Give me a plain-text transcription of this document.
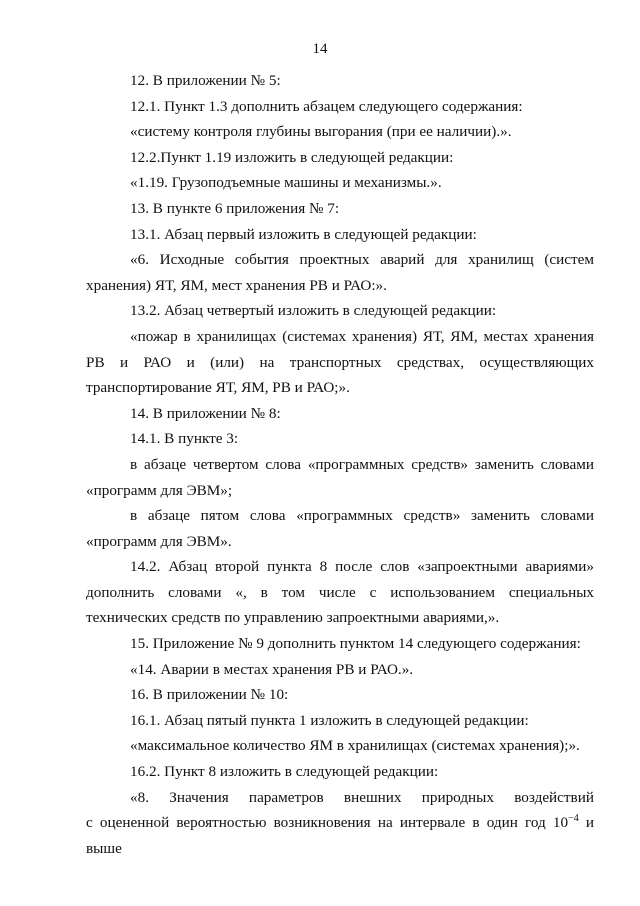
14

12. В приложении № 5:

12.1. Пункт 1.3 дополнить абзацем следующего содержания:

«систему контроля глубины выгорания (при ее наличии).».

12.2.Пункт 1.19 изложить в следующей редакции:

«1.19. Грузоподъемные машины и механизмы.».

13. В пункте 6 приложения № 7:

13.1. Абзац первый изложить в следующей редакции:

«6. Исходные события проектных аварий для хранилищ (систем хранения) ЯТ, ЯМ, мест хранения РВ и РАО:».

13.2. Абзац четвертый изложить в следующей редакции:

«пожар в хранилищах (системах хранения) ЯТ, ЯМ, местах хранения РВ и РАО и (или) на транспортных средствах, осуществляющих транспортирование ЯТ, ЯМ, РВ и РАО;».

14. В приложении № 8:

14.1. В пункте 3:

в абзаце четвертом слова «программных средств» заменить словами «программ для ЭВМ»;

в абзаце пятом слова «программных средств» заменить словами «программ для ЭВМ».

14.2. Абзац второй пункта 8 после слов «запроектными авариями» дополнить словами «, в том числе с использованием специальных технических средств по управлению запроектными авариями,».

15. Приложение № 9 дополнить пунктом 14 следующего содержания:

«14. Аварии в местах хранения РВ и РАО.».

16. В приложении № 10:

16.1. Абзац пятый пункта 1 изложить в следующей редакции:

«максимальное количество ЯМ в хранилищах (системах хранения);».

16.2. Пункт 8 изложить в следующей редакции:

«8. Значения параметров внешних природных воздействий

с оцененной вероятностью возникновения на интервале в один год $10^{-4}$ и выше
